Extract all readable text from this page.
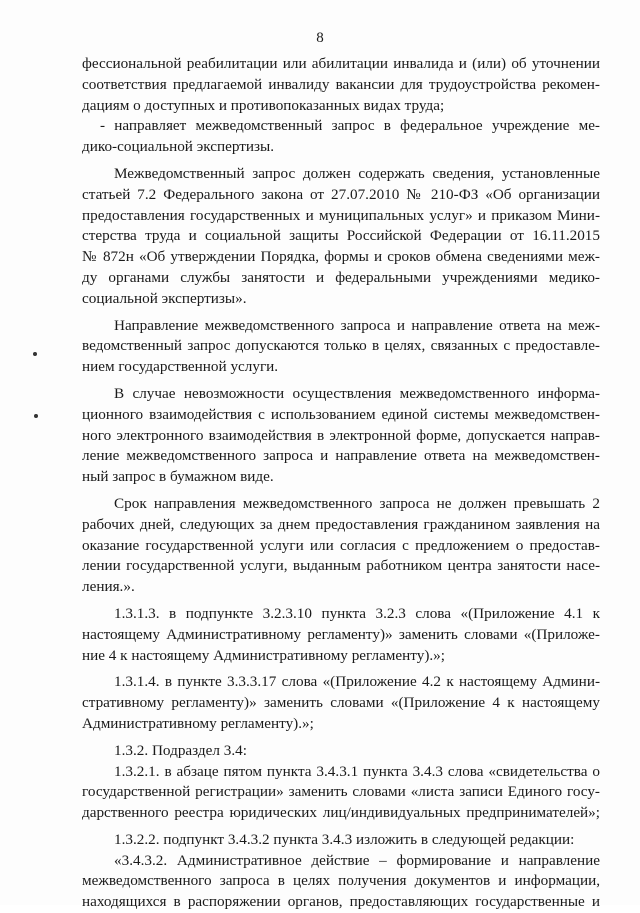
8
фессиональной реабилитации или абилитации инвалида и (или) об уточнении
соответствия предлагаемой инвалиду вакансии для трудоустройства рекомен-
дациям о доступных и противопоказанных видах труда;
- направляет межведомственный запрос в федеральное учреждение ме-
дико-социальной экспертизы.
Межведомственный запрос должен содержать сведения, установленные
статьей 7.2 Федерального закона от 27.07.2010 № 210-ФЗ «Об организации
предоставления государственных и муниципальных услуг» и приказом Мини-
стерства труда и социальной защиты Российской Федерации от 16.11.2015
№ 872н «Об утверждении Порядка, формы и сроков обмена сведениями меж-
ду органами службы занятости и федеральными учреждениями медико-
социальной экспертизы».
Направление межведомственного запроса и направление ответа на меж-
ведомственный запрос допускаются только в целях, связанных с предоставле-
нием государственной услуги.
В случае невозможности осуществления межведомственного информа-
ционного взаимодействия с использованием единой системы межведомствен-
ного электронного взаимодействия в электронной форме, допускается направ-
ление межведомственного запроса и направление ответа на межведомствен-
ный запрос в бумажном виде.
Срок направления межведомственного запроса не должен превышать 2
рабочих дней, следующих за днем предоставления гражданином заявления на
оказание государственной услуги или согласия с предложением о предостав-
лении государственной услуги, выданным работником центра занятости насе-
ления.».
1.3.1.3. в подпункте 3.2.3.10 пункта 3.2.3 слова «(Приложение 4.1 к
настоящему Административному регламенту)» заменить словами «(Приложе-
ние 4 к настоящему Административному регламенту).»;
1.3.1.4. в пункте 3.3.3.17 слова «(Приложение 4.2 к настоящему Админи-
стративному регламенту)» заменить словами «(Приложение 4 к настоящему
Административному регламенту).»;
1.3.2. Подраздел 3.4:
1.3.2.1. в абзаце пятом пункта 3.4.3.1 пункта 3.4.3 слова «свидетельства о
государственной регистрации» заменить словами «листа записи Единого госу-
дарственного реестра юридических лиц/индивидуальных предпринимателей»;
1.3.2.2. подпункт 3.4.3.2 пункта 3.4.3 изложить в следующей редакции:
«3.4.3.2. Административное действие – формирование и направление
межведомственного запроса в целях получения документов и информации,
находящихся в распоряжении органов, предоставляющих государственные и
